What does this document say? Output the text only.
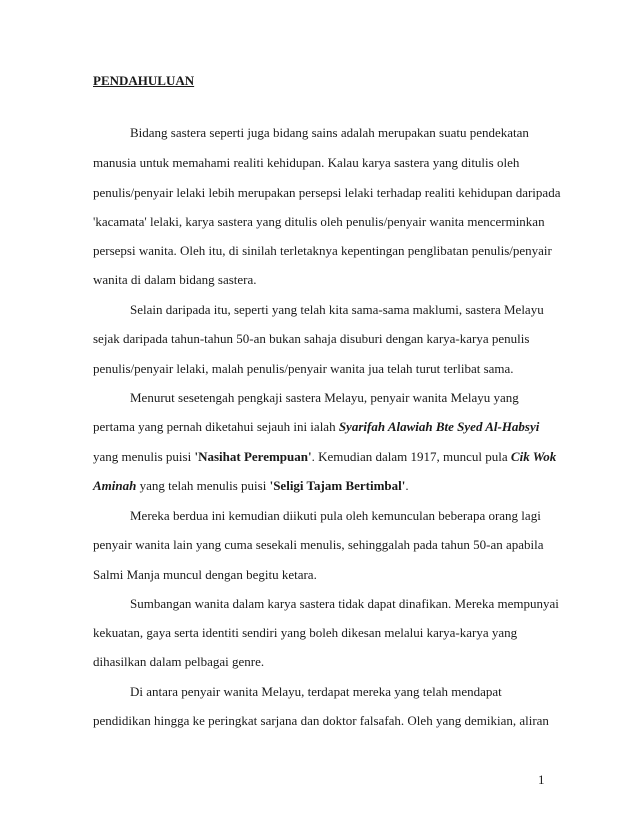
PENDAHULUAN

Bidang sastera seperti juga bidang sains adalah merupakan suatu pendekatan

manusia untuk memahami realiti kehidupan. Kalau karya sastera yang ditulis oleh

penulis/penyair lelaki lebih merupakan persepsi lelaki terhadap realiti kehidupan daripada

'kacamata' lelaki, karya sastera yang ditulis oleh penulis/penyair wanita mencerminkan

persepsi wanita. Oleh itu, di sinilah terletaknya kepentingan penglibatan penulis/penyair

wanita di dalam bidang sastera.

Selain daripada itu, seperti yang telah kita sama-sama maklumi, sastera Melayu

sejak daripada tahun-tahun 50-an bukan sahaja disuburi dengan karya-karya penulis

penulis/penyair lelaki, malah penulis/penyair wanita jua telah turut terlibat sama.

Menurut sesetengah pengkaji sastera Melayu, penyair wanita Melayu yang

pertama yang pernah diketahui sejauh ini ialah Syarifah Alawiah Bte Syed Al-Habsyi

yang menulis puisi 'Nasihat Perempuan'. Kemudian dalam 1917, muncul pula Cik Wok

Aminah yang telah menulis puisi 'Seligi Tajam Bertimbal'.

Mereka berdua ini kemudian diikuti pula oleh kemunculan beberapa orang lagi

penyair wanita lain yang cuma sesekali menulis, sehinggalah pada tahun 50-an apabila

Salmi Manja muncul dengan begitu ketara.

Sumbangan wanita dalam karya sastera tidak dapat dinafikan. Mereka mempunyai

kekuatan, gaya serta identiti sendiri yang boleh dikesan melalui karya-karya yang

dihasilkan dalam pelbagai genre.

Di antara penyair wanita Melayu, terdapat mereka yang telah mendapat

pendidikan hingga ke peringkat sarjana dan doktor falsafah. Oleh yang demikian, aliran

1
